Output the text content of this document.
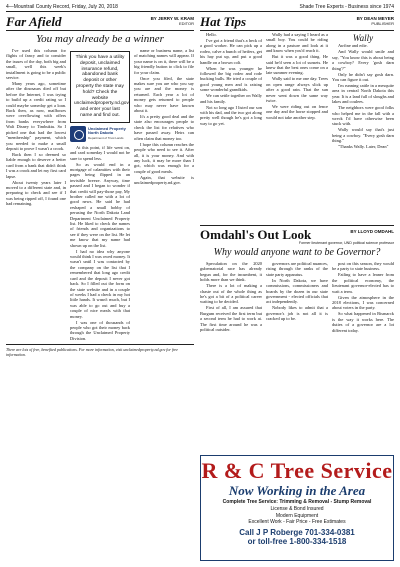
4—Mountrail County Record, Friday, July 20, 2018	Shade Tree Experts - Business since 1974
Far Afield	BY JERRY W. KRAM
EDITOR
You may already be a winner

I've used this column for flights of fancy and to consider the issues of the day, both big and small, well this week's installment is going to be a public service.

Many years ago, sometime after the dinosaurs died off but before the Internet, I was trying to build up a credit rating so I could maybe someday get a loan. Back then, as now, mailboxes were overflowing with offers from banks everywhere from Walt Disney to Timbuktu. So I picked one that had the lowest "membership" payment, which you needed to make a small deposit to prove I wasn't a crook.

Back then I so deemed so liable enough to deserve a better card from a bank that didn't think I was a crook and let my first card lapse.

About twenty years later I moved to a different state and, in preparing to check and see if I was being ripped off, I found one had remaining.

Think you have a utility deposit, unclaimed insurance refund, abandoned bank deposit or other property the state may hold? Check the website unclaimedproperty.nd.gov and enter your last name and find out.
Unclaimed Property
North Dakota
Department of Trust Lands

At this point, if life went on, and card someday I would not be sure to spend less.

So as would end in a mortgage of calamities with their pages being flipped in an invisible breeze. Anyway, time passed and I began to wonder if that credit will pay-those pay, My brother called me with a lot of good news. He said he had reshaped a small hobby of perusing the North Dakota Land Department Unclaimed Property list. He liked to check the names of friends and organizations to see if they were on the list. He let me know that my name had shown up on the list.

I had no idea why anyone would think I was owed money. It wasn't until I was contacted by the company on the list that I remembered that long ago credit card and the deposit I never got back. So I filled out the form on the state website and in a couple of weeks I had a check in my hot little hands. It wasn't much, but I was able to go out and buy a couple of nice meals with that money.

I was one of thousands of people who got their money back through the Unclaimed Property Division.

name or business name, a list of matching names will appear. If your name is on it, there will be a big friendly button to click to file for your claim.

Once you filed, the state makes sure you are who you say you are and the money is returned. Each year a lot of money gets returned to people who may never have known about it.

It's a pretty good deal and the state also encourages people to check the list for relatives who have passed away. Heirs can often claim that money too.

I hope this column reaches the people who need to see it. After all, it is your money. And with any luck, it may be more than I got, which was enough for a couple of good meals.

Again, that website is unclaimedproperty.nd.gov.

There are lots of free, benefited publications. For more information, visit unclaimedproperty.nd.gov for free information.
Hat Tips	BY DEAN MEYER
PUBLISHER

Hello.

I've got a friend that's a heck of a good worker. He can pick up a rodeo, calve a bunch of heifers, get his hay put up, and put a good handle on a brown colt.

When he was younger he followed the big rodeo and rode bucking bulls. He tried a couple of good young men and is raising some wonderful grandkids.

We can settle together on Wally and his family.

Not so long ago I listed our son with his dad, and the two got along pretty well though he's got a long way to go yet.

Wally had a saying I heard as a small boy. You could be riding along in a pasture and look at it and know when you'd reach it.

But it was a good thing. He said he'd seen a lot of sunsets. He knew that the best ones come on a late summer evening.

Wally said to me one day. Trees on open range always slick up after a good rain. That the sun never went down the same way twice.

We were riding out on fence one day and the horse stopped and would not take another step.

Wally

Awfine and edie.

And Wally would smile and say, "You know this is about being a cowboy? Every 'gosh darn thing'?"

Only he didn't say gosh darn. You can figure it out.

I'm running cattle in a mesquite area in central North Dakota this year. It is a land full of sloughs and lakes and coulees.

The neighbors were good folks who helped me in the fall with a wreck I'd have otherwise been stuck with.

Wally would say that's just being a cowboy. "Every gosh darn thing."

"Thanks Wally. Later, Dean"

Omdahl's Out Look	BY LLOYD OMDAHL
Former lieutenant governor, UND political science professor
Why would anyone want to be Governor?

Speculation on the 2020 gubernatorial race has already begun and, for the incumbent, it holds more than we think.

There is a lot of making a chaste out of the whole thing as he's got a bit of a political career waiting to be decided.

First of all, I am assured that Burgum received the first term but a second term he had to work at. The first time around he was a political outsider.

governors are political nuances, rising through the ranks of the state party apparatus.

In North Dakota, we have commissions, commissioners and boards by the dozen in our state government - elected officials that act independently.

Nobody likes to admit that a governor's job is not all it is cracked up to be.

post on this season, they would be a party to state business.

Failing to have a leaner from the political economy, the lieutenant governor-elected has to wait a term.

Given the atmosphere in the 2018 elections, I was concerned about voters in the party.

So what happened in Bismarck is the way it works here. The duties of a governor are a lot different today.

R & C Tree Service
Now Working in the Area
Complete Tree Service: Trimming & Removal - Stump Removal
License & Bond Insured
Modern Equipment
Excellent Work - Fair Price - Free Estimates
Call J P Roberge 701-334-0381
or toll-free 1-800-334-1518
